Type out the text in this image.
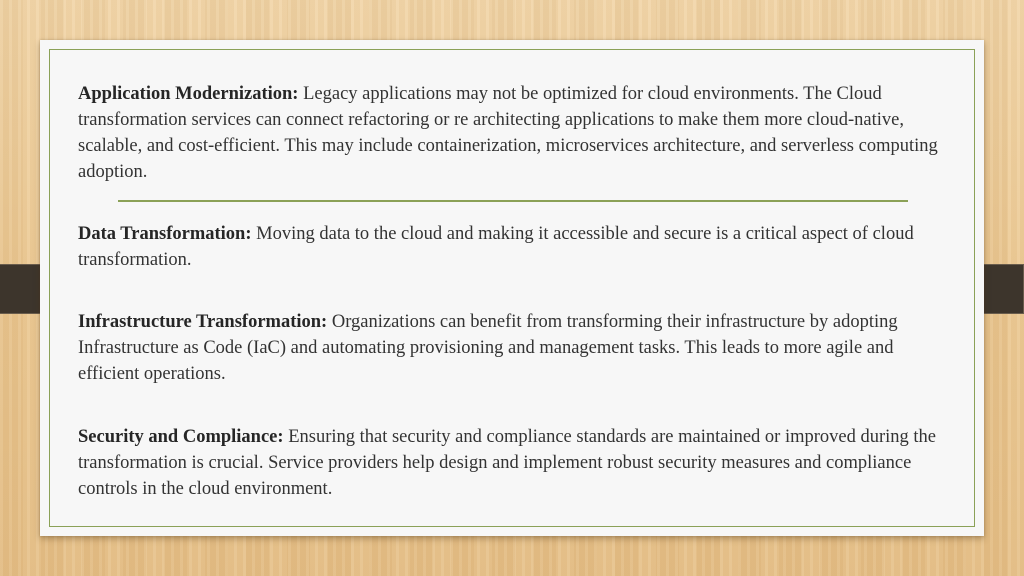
Application Modernization: Legacy applications may not be optimized for cloud environments. The Cloud transformation services can connect refactoring or re architecting applications to make them more cloud-native, scalable, and cost-efficient. This may include containerization, microservices architecture, and serverless computing adoption.

Data Transformation: Moving data to the cloud and making it accessible and secure is a critical aspect of cloud transformation.

Infrastructure Transformation: Organizations can benefit from transforming their infrastructure by adopting Infrastructure as Code (IaC) and automating provisioning and management tasks. This leads to more agile and efficient operations.

Security and Compliance: Ensuring that security and compliance standards are maintained or improved during the transformation is crucial. Service providers help design and implement robust security measures and compliance controls in the cloud environment.
